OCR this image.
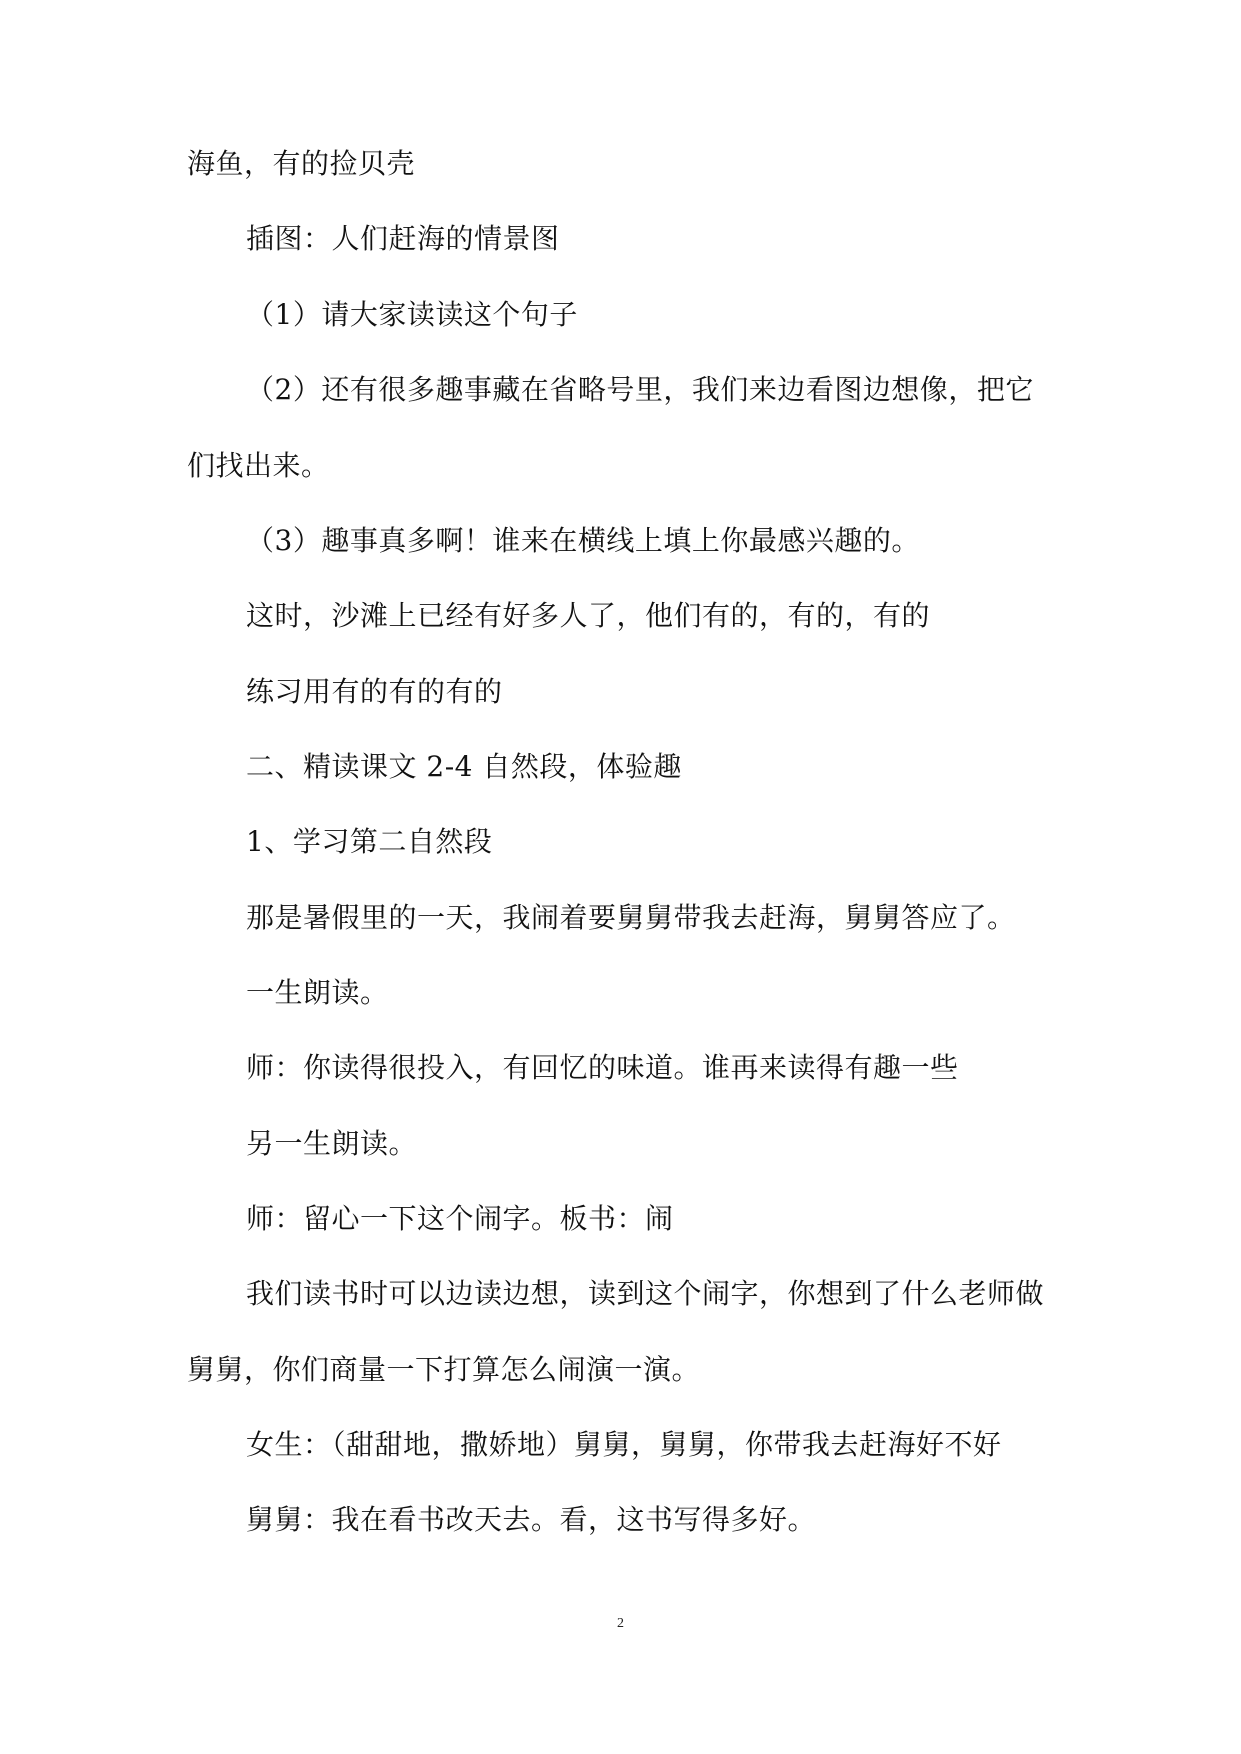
海鱼，有的捡贝壳
插图：人们赶海的情景图
（1）请大家读读这个句子
（2）还有很多趣事藏在省略号里，我们来边看图边想像，把它
们找出来。
（3）趣事真多啊！谁来在横线上填上你最感兴趣的。
这时，沙滩上已经有好多人了，他们有的，有的，有的
练习用有的有的有的
二、精读课文 2-4 自然段，体验趣
1、学习第二自然段
那是暑假里的一天，我闹着要舅舅带我去赶海，舅舅答应了。
一生朗读。
师：你读得很投入，有回忆的味道。谁再来读得有趣一些
另一生朗读。
师：留心一下这个闹字。板书：闹
我们读书时可以边读边想，读到这个闹字，你想到了什么老师做
舅舅，你们商量一下打算怎么闹演一演。
女生：（甜甜地，撒娇地）舅舅，舅舅，你带我去赶海好不好
舅舅：我在看书改天去。看，这书写得多好。
2
